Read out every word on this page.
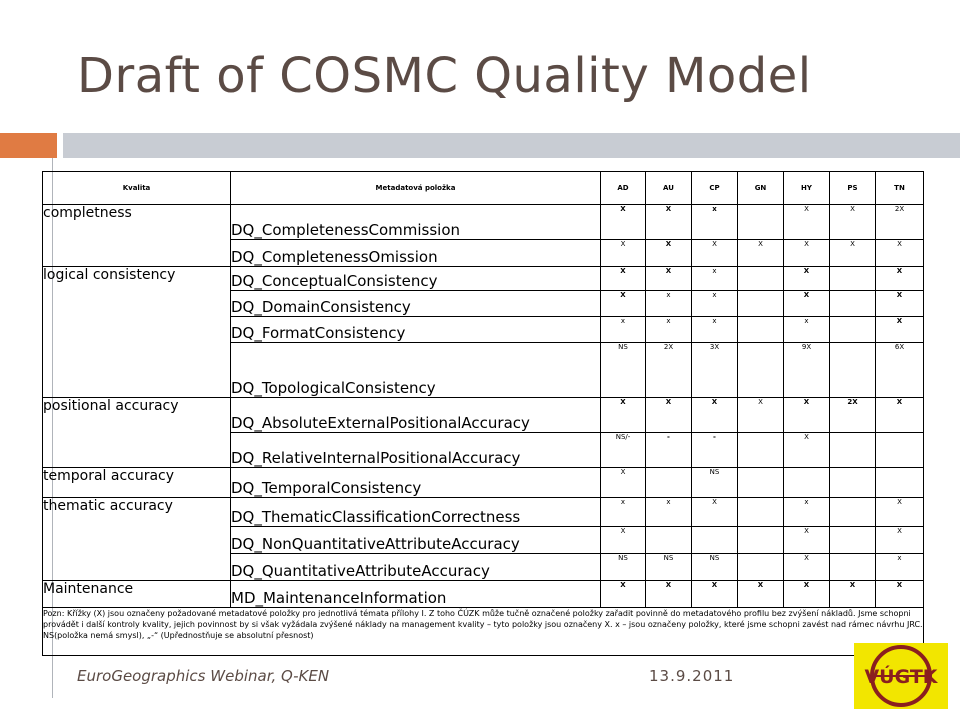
Draft of COSMC Quality Model
Kvalita	Metadatová položka	AD	AU	CP	GN	HY	PS	TN
completness	DQ_CompletenessCommission	X	X	x		X	X	2X
	DQ_CompletenessOmission	X	X	X	X	X	X	X
logical consistency	DQ_ConceptualConsistency	X	X	x		X		X
	DQ_DomainConsistency	X	x	x		X		X
	DQ_FormatConsistency	x	x	x		x		X
	DQ_TopologicalConsistency	NS	2X	3X		9X		6X
positional accuracy	DQ_AbsoluteExternalPositionalAccuracy	X	X	X	X	X	2X	X
	DQ_RelativeInternalPositionalAccuracy	NS/-	-	-		X		
temporal accuracy	DQ_TemporalConsistency	X		NS				
thematic accuracy	DQ_ThematicClassificationCorrectness	x	x	X		x		X
	DQ_NonQuantitativeAttributeAccuracy	X				X		X
	DQ_QuantitativeAttributeAccuracy	NS	NS	NS		X		x
Maintenance	MD_MaintenanceInformation	X	X	X	X	X	X	X
Pozn: Křížky (X) jsou označeny požadované metadatové položky pro jednotlivá témata přílohy I. Z toho ČÚZK může tučně označené položky zařadit povinně do metadatového profilu bez zvýšení nákladů. Jsme schopni provádět i další kontroly kvality, jejich povinnost by si však vyžádala zvýšené náklady na management kvality – tyto položky jsou označeny X. x – jsou označeny položky, které jsme schopni zavést nad rámec návrhu JRC. NS(položka nemá smysl), „-“ (Upřednostňuje se absolutní přesnost)								
EuroGeographics Webinar, Q-KEN	13.9.2011	VÚGTK
